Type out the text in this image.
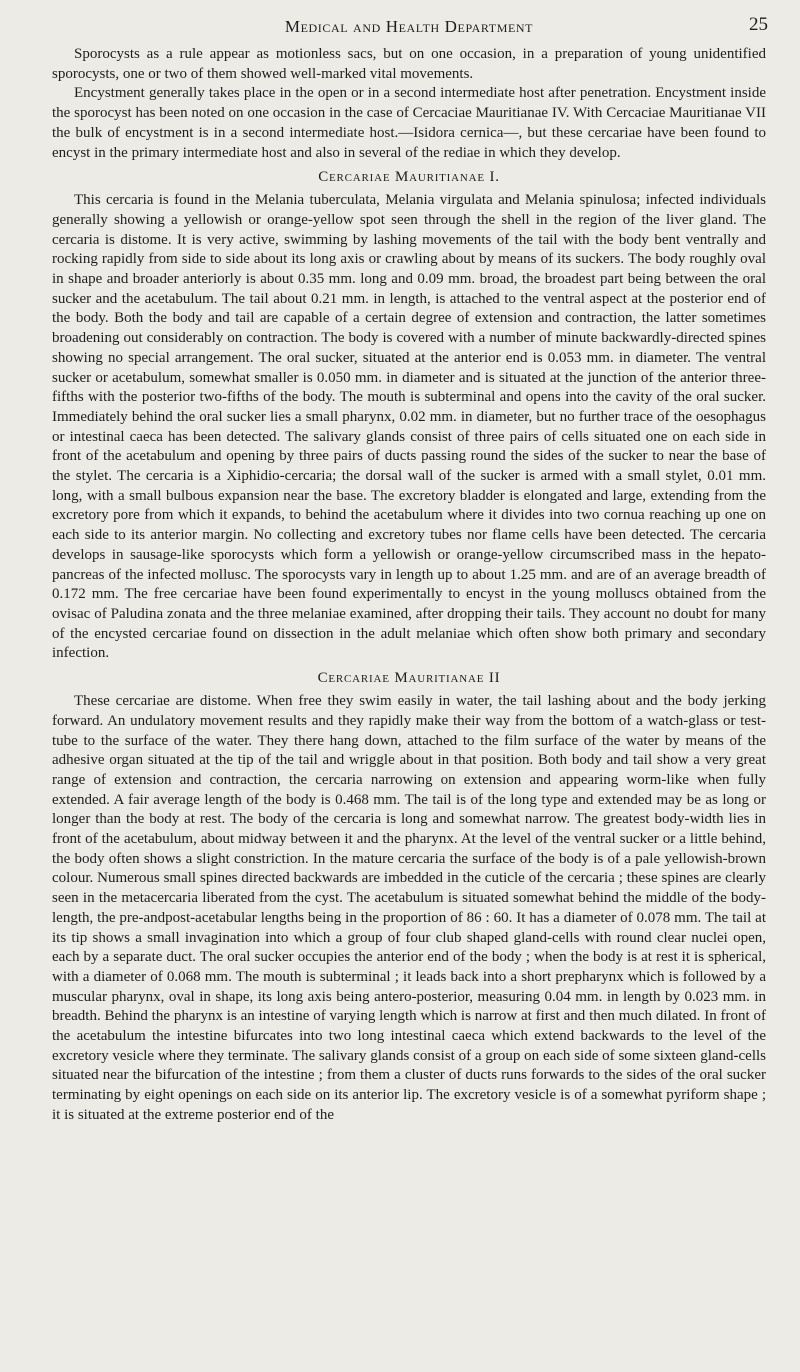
Medical and Health Department	25

Sporocysts as a rule appear as motionless sacs, but on one occasion, in a preparation of young unidentified sporocysts, one or two of them showed well-marked vital movements.

Encystment generally takes place in the open or in a second intermediate host after penetration. Encystment inside the sporocyst has been noted on one occasion in the case of Cercaciae Mauritianae IV. With Cercaciae Mauritianae VII the bulk of encystment is in a second intermediate host.—Isidora cernica—, but these cercariae have been found to encyst in the primary intermediate host and also in several of the rediae in which they develop.

Cercariae Mauritianae I.

This cercaria is found in the Melania tuberculata, Melania virgulata and Melania spinulosa; infected individuals generally showing a yellowish or orange-yellow spot seen through the shell in the region of the liver gland. The cercaria is distome. It is very active, swimming by lashing movements of the tail with the body bent ventrally and rocking rapidly from side to side about its long axis or crawling about by means of its suckers. The body roughly oval in shape and broader anteriorly is about 0.35 mm. long and 0.09 mm. broad, the broadest part being between the oral sucker and the acetabulum. The tail about 0.21 mm. in length, is attached to the ventral aspect at the posterior end of the body. Both the body and tail are capable of a certain degree of extension and contraction, the latter sometimes broadening out considerably on contraction. The body is covered with a number of minute backwardly-directed spines showing no special arrangement. The oral sucker, situated at the anterior end is 0.053 mm. in diameter. The ventral sucker or acetabulum, somewhat smaller is 0.050 mm. in diameter and is situated at the junction of the anterior three-fifths with the posterior two-fifths of the body. The mouth is subterminal and opens into the cavity of the oral sucker. Immediately behind the oral sucker lies a small pharynx, 0.02 mm. in diameter, but no further trace of the oesophagus or intestinal caeca has been detected. The salivary glands consist of three pairs of cells situated one on each side in front of the acetabulum and opening by three pairs of ducts passing round the sides of the sucker to near the base of the stylet. The cercaria is a Xiphidio-cercaria; the dorsal wall of the sucker is armed with a small stylet, 0.01 mm. long, with a small bulbous expansion near the base. The excretory bladder is elongated and large, extending from the excretory pore from which it expands, to behind the acetabulum where it divides into two cornua reaching up one on each side to its anterior margin. No collecting and excretory tubes nor flame cells have been detected. The cercaria develops in sausage-like sporocysts which form a yellowish or orange-yellow circumscribed mass in the hepato-pancreas of the infected mollusc. The sporocysts vary in length up to about 1.25 mm. and are of an average breadth of 0.172 mm. The free cercariae have been found experimentally to encyst in the young molluscs obtained from the ovisac of Paludina zonata and the three melaniae examined, after dropping their tails. They account no doubt for many of the encysted cercariae found on dissection in the adult melaniae which often show both primary and secondary infection.

Cercariae Mauritianae II

These cercariae are distome. When free they swim easily in water, the tail lashing about and the body jerking forward. An undulatory movement results and they rapidly make their way from the bottom of a watch-glass or test-tube to the surface of the water. They there hang down, attached to the film surface of the water by means of the adhesive organ situated at the tip of the tail and wriggle about in that position. Both body and tail show a very great range of extension and contraction, the cercaria narrowing on extension and appearing worm-like when fully extended. A fair average length of the body is 0.468 mm. The tail is of the long type and extended may be as long or longer than the body at rest. The body of the cercaria is long and somewhat narrow. The greatest body-width lies in front of the acetabulum, about midway between it and the pharynx. At the level of the ventral sucker or a little behind, the body often shows a slight constriction. In the mature cercaria the surface of the body is of a pale yellowish-brown colour. Numerous small spines directed backwards are imbedded in the cuticle of the cercaria ; these spines are clearly seen in the metacercaria liberated from the cyst. The acetabulum is situated somewhat behind the middle of the body-length, the pre-andpost-acetabular lengths being in the proportion of 86 : 60. It has a diameter of 0.078 mm. The tail at its tip shows a small invagination into which a group of four club shaped gland-cells with round clear nuclei open, each by a separate duct. The oral sucker occupies the anterior end of the body ; when the body is at rest it is spherical, with a diameter of 0.068 mm. The mouth is subterminal ; it leads back into a short prepharynx which is followed by a muscular pharynx, oval in shape, its long axis being antero-posterior, measuring 0.04 mm. in length by 0.023 mm. in breadth. Behind the pharynx is an intestine of varying length which is narrow at first and then much dilated. In front of the acetabulum the intestine bifurcates into two long intestinal caeca which extend backwards to the level of the excretory vesicle where they terminate. The salivary glands consist of a group on each side of some sixteen gland-cells situated near the bifurcation of the intestine ; from them a cluster of ducts runs forwards to the sides of the oral sucker terminating by eight openings on each side on its anterior lip. The excretory vesicle is of a somewhat pyriform shape ; it is situated at the extreme posterior end of the
